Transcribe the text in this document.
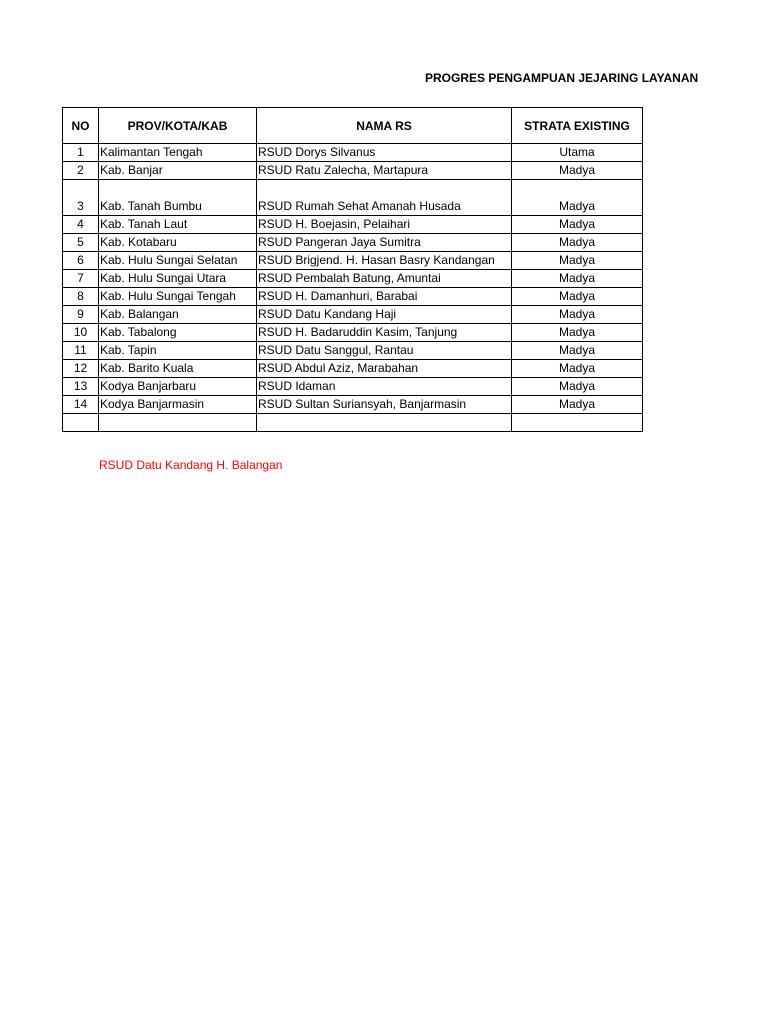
PROGRES PENGAMPUAN JEJARING LAYANAN
NO	PROV/KOTA/KAB	NAMA RS	STRATA EXISTING
1	Kalimantan Tengah	RSUD Dorys Silvanus	Utama
2	Kab. Banjar	RSUD Ratu Zalecha, Martapura	Madya
3	Kab. Tanah Bumbu	RSUD Rumah Sehat Amanah Husada	Madya
4	Kab. Tanah Laut	RSUD H. Boejasin, Pelaihari	Madya
5	Kab. Kotabaru	RSUD Pangeran Jaya Sumitra	Madya
6	Kab. Hulu Sungai Selatan	RSUD Brigjend. H. Hasan Basry Kandangan	Madya
7	Kab. Hulu Sungai Utara	RSUD Pembalah Batung, Amuntai	Madya
8	Kab. Hulu Sungai Tengah	RSUD H. Damanhuri, Barabai	Madya
9	Kab. Balangan	RSUD Datu Kandang Haji	Madya
10	Kab. Tabalong	RSUD H. Badaruddin Kasim, Tanjung	Madya
11	Kab. Tapin	RSUD Datu Sanggul, Rantau	Madya
12	Kab. Barito Kuala	RSUD Abdul Aziz, Marabahan	Madya
13	Kodya Banjarbaru	RSUD Idaman	Madya
14	Kodya Banjarmasin	RSUD Sultan Suriansyah, Banjarmasin	Madya

RSUD Datu Kandang H. Balangan
